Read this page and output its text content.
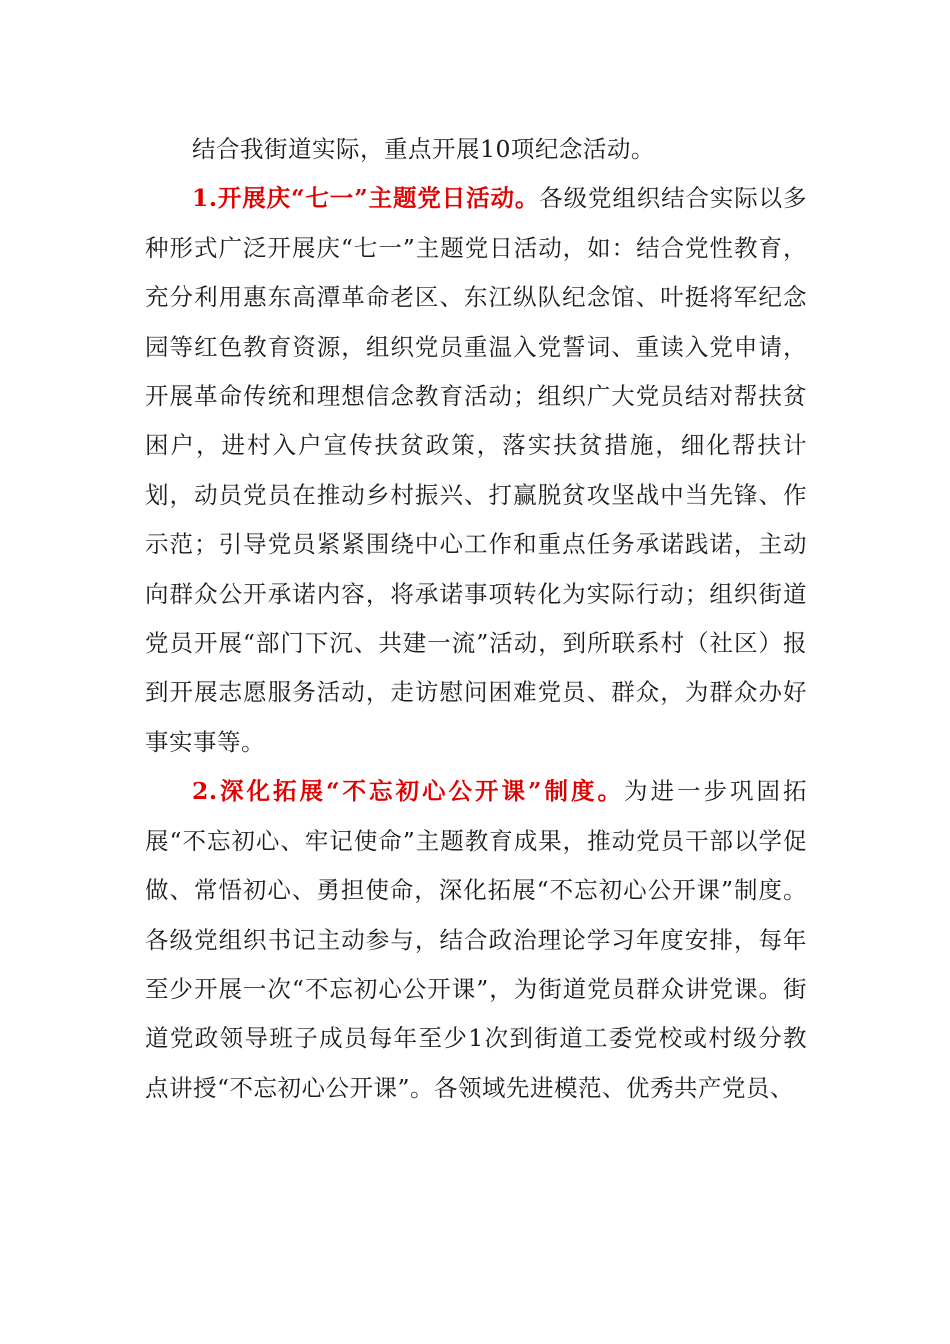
结合我街道实际，重点开展10项纪念活动。

1.开展庆“七一”主题党日活动。各级党组织结合实际以多种形式广泛开展庆“七一”主题党日活动，如：结合党性教育，充分利用惠东高潭革命老区、东江纵队纪念馆、叶挺将军纪念园等红色教育资源，组织党员重温入党誓词、重读入党申请，开展革命传统和理想信念教育活动；组织广大党员结对帮扶贫困户，进村入户宣传扶贫政策，落实扶贫措施，细化帮扶计划，动员党员在推动乡村振兴、打赢脱贫攻坚战中当先锋、作示范；引导党员紧紧围绕中心工作和重点任务承诺践诺，主动向群众公开承诺内容，将承诺事项转化为实际行动；组织街道党员开展“部门下沉、共建一流”活动，到所联系村（社区）报到开展志愿服务活动，走访慰问困难党员、群众，为群众办好事实事等。

2.深化拓展“不忘初心公开课”制度。为进一步巩固拓展“不忘初心、牢记使命”主题教育成果，推动党员干部以学促做、常悟初心、勇担使命，深化拓展“不忘初心公开课”制度。各级党组织书记主动参与，结合政治理论学习年度安排，每年至少开展一次“不忘初心公开课”，为街道党员群众讲党课。街道党政领导班子成员每年至少1次到街道工委党校或村级分教点讲授“不忘初心公开课”。各领域先进模范、优秀共产党员、
